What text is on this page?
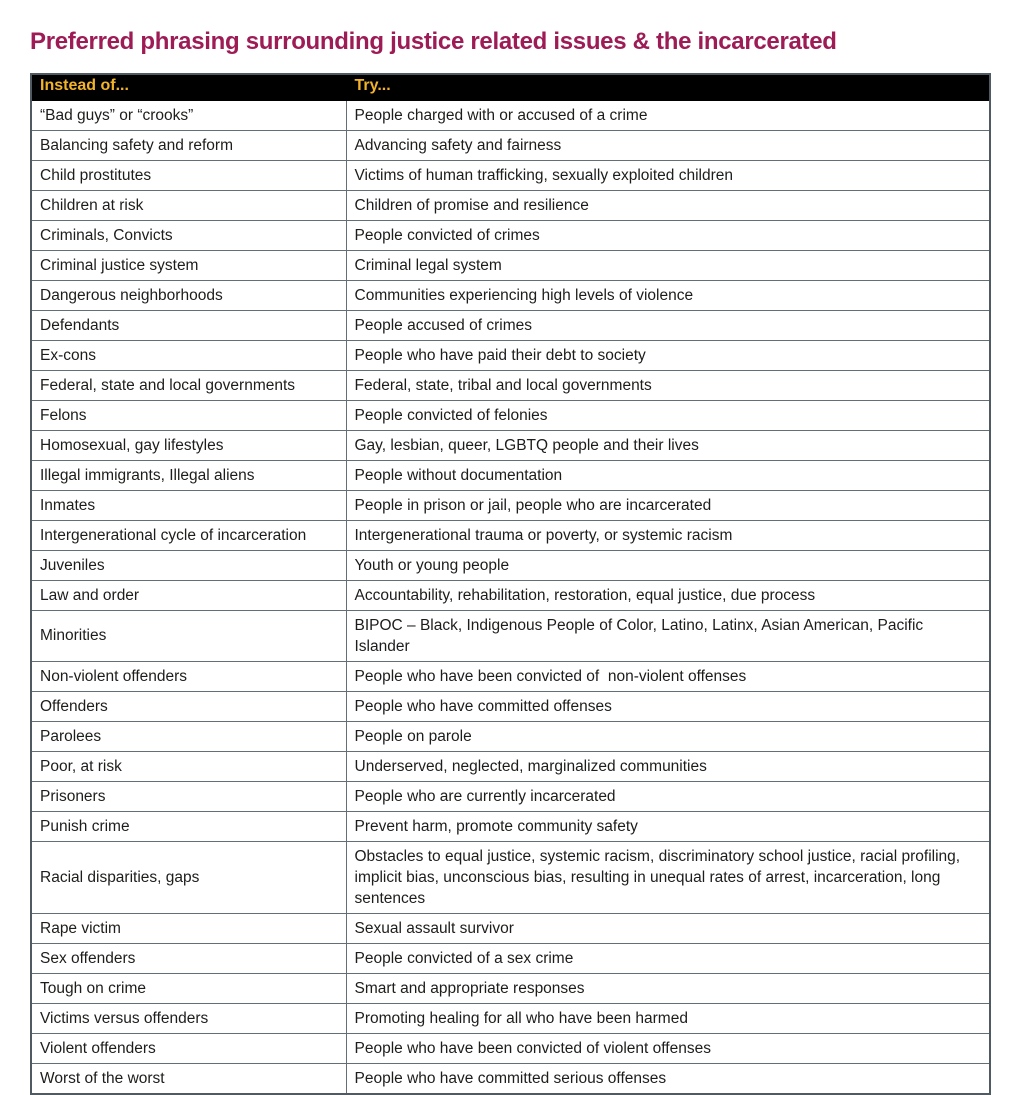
Preferred phrasing surrounding justice related issues & the incarcerated
Instead of...	Try...
“Bad guys” or “crooks”	People charged with or accused of a crime
Balancing safety and reform	Advancing safety and fairness
Child prostitutes	Victims of human trafficking, sexually exploited children
Children at risk	Children of promise and resilience
Criminals, Convicts	People convicted of crimes
Criminal justice system	Criminal legal system
Dangerous neighborhoods	Communities experiencing high levels of violence
Defendants	People accused of crimes
Ex-cons	People who have paid their debt to society
Federal, state and local governments	Federal, state, tribal and local governments
Felons	People convicted of felonies
Homosexual, gay lifestyles	Gay, lesbian, queer, LGBTQ people and their lives
Illegal immigrants, Illegal aliens	People without documentation
Inmates	People in prison or jail, people who are incarcerated
Intergenerational cycle of incarceration	Intergenerational trauma or poverty, or systemic racism
Juveniles	Youth or young people
Law and order	Accountability, rehabilitation, restoration, equal justice, due process
Minorities	BIPOC – Black, Indigenous People of Color, Latino, Latinx, Asian American, Pacific Islander
Non-violent offenders	People who have been convicted of  non-violent offenses
Offenders	People who have committed offenses
Parolees	People on parole
Poor, at risk	Underserved, neglected, marginalized communities
Prisoners	People who are currently incarcerated
Punish crime	Prevent harm, promote community safety
Racial disparities, gaps	Obstacles to equal justice, systemic racism, discriminatory school justice, racial profiling, implicit bias, unconscious bias, resulting in unequal rates of arrest, incarceration, long sentences
Rape victim	Sexual assault survivor
Sex offenders	People convicted of a sex crime
Tough on crime	Smart and appropriate responses
Victims versus offenders	Promoting healing for all who have been harmed
Violent offenders	People who have been convicted of violent offenses
Worst of the worst	People who have committed serious offenses
